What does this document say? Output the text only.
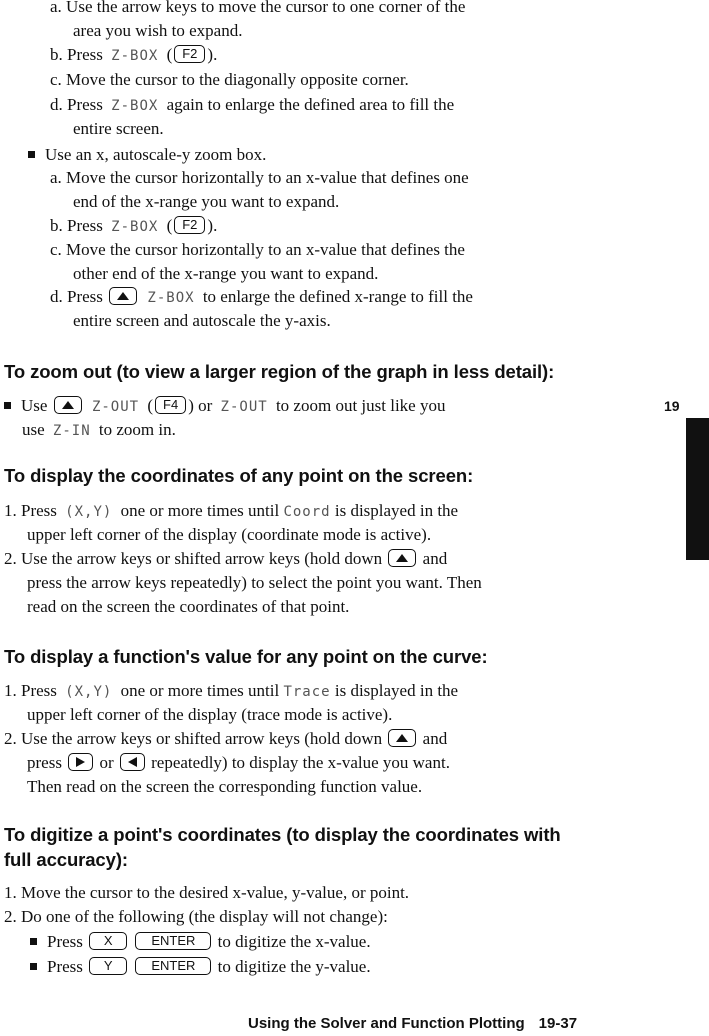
a. Use the arrow keys to move the cursor to one corner of the
area you wish to expand.
b. Press Z-BOX ( F2 ).
c. Move the cursor to the diagonally opposite corner.
d. Press Z-BOX again to enlarge the defined area to fill the
entire screen.
Use an x, autoscale-y zoom box.
a. Move the cursor horizontally to an x-value that defines one
end of the x-range you want to expand.
b. Press Z-BOX ( F2 ).
c. Move the cursor horizontally to an x-value that defines the
other end of the x-range you want to expand.
d. Press	Z-BOX to enlarge the defined x-range to fill the
entire screen and autoscale the y-axis.
To zoom out (to view a larger region of the graph in less detail):
Use	Z-OUT ( F4 ) or Z-OUT to zoom out just like you
use Z-IN to zoom in.
To display the coordinates of any point on the screen:
1. Press (X,Y) one or more times until Coord is displayed in the
upper left corner of the display (coordinate mode is active).
2. Use the arrow keys or shifted arrow keys (hold down and
press the arrow keys repeatedly) to select the point you want. Then
read on the screen the coordinates of that point.
To display a function's value for any point on the curve:
1. Press (X,Y) one or more times until Trace is displayed in the
upper left corner of the display (trace mode is active).
2. Use the arrow keys or shifted arrow keys (hold down and
press or repeatedly) to display the x-value you want.
Then read on the screen the corresponding function value.
To digitize a point's coordinates (to display the coordinates with
full accuracy):
1. Move the cursor to the desired x-value, y-value, or point.
2. Do one of the following (the display will not change):
Press X	ENTER to digitize the x-value.
Press Y	ENTER to digitize the y-value.
19
Using the Solver and Function Plotting 19-37
